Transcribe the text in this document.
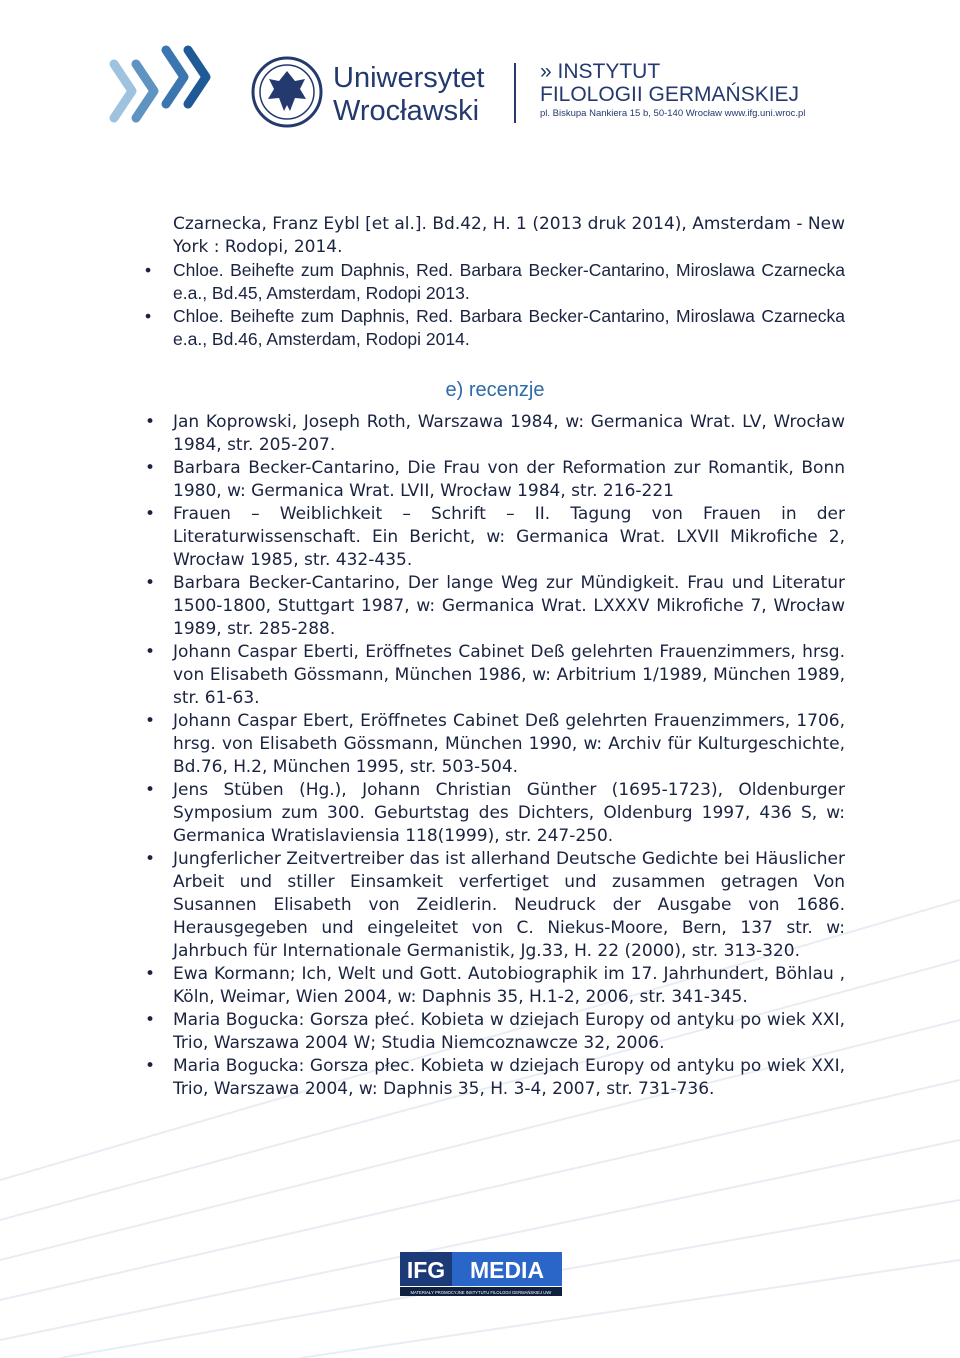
Uniwersytet
Wrocławski
» INSTYTUT
FILOLOGII GERMAŃSKIEJ
pl. Biskupa Nankiera 15 b, 50-140 Wrocław www.ifg.uni.wroc.pl
Czarnecka, Franz Eybl [et al.]. Bd.42, H. 1 (2013 druk 2014), Amsterdam - New York : Rodopi, 2014.
• Chloe. Beihefte zum Daphnis, Red. Barbara Becker-Cantarino, Miroslawa Czarnecka e.a., Bd.45, Amsterdam, Rodopi 2013.
• Chloe. Beihefte zum Daphnis, Red. Barbara Becker-Cantarino, Miroslawa Czarnecka e.a., Bd.46, Amsterdam, Rodopi 2014.
e) recenzje
• Jan Koprowski, Joseph Roth, Warszawa 1984, w: Germanica Wrat. LV, Wrocław 1984, str. 205-207.
• Barbara Becker-Cantarino, Die Frau von der Reformation zur Romantik, Bonn 1980, w: Germanica Wrat. LVII, Wrocław 1984, str. 216-221
• Frauen – Weiblichkeit – Schrift – II. Tagung von Frauen in der Literaturwissenschaft. Ein Bericht, w: Germanica Wrat. LXVII Mikrofiche 2, Wrocław 1985, str. 432-435.
• Barbara Becker-Cantarino, Der lange Weg zur Mündigkeit. Frau und Literatur 1500-1800, Stuttgart 1987, w: Germanica Wrat. LXXXV Mikrofiche 7, Wrocław 1989, str. 285-288.
• Johann Caspar Eberti, Eröffnetes Cabinet Deß gelehrten Frauenzimmers, hrsg. von Elisabeth Gössmann, München 1986, w: Arbitrium 1/1989, München 1989, str. 61-63.
• Johann Caspar Ebert, Eröffnetes Cabinet Deß gelehrten Frauenzimmers, 1706, hrsg. von Elisabeth Gössmann, München 1990, w: Archiv für Kulturgeschichte, Bd.76, H.2, München 1995, str. 503-504.
• Jens Stüben (Hg.), Johann Christian Günther (1695-1723), Oldenburger Symposium zum 300. Geburtstag des Dichters, Oldenburg 1997, 436 S, w: Germanica Wratislaviensia 118(1999), str. 247-250.
• Jungferlicher Zeitvertreiber das ist allerhand Deutsche Gedichte bei Häuslicher Arbeit und stiller Einsamkeit verfertiget und zusammen getragen Von Susannen Elisabeth von Zeidlerin. Neudruck der Ausgabe von 1686. Herausgegeben und eingeleitet von C. Niekus-Moore, Bern, 137 str. w: Jahrbuch für Internationale Germanistik, Jg.33, H. 22 (2000), str. 313-320.
• Ewa Kormann; Ich, Welt und Gott. Autobiographik im 17. Jahrhundert, Böhlau , Köln, Weimar, Wien 2004, w: Daphnis 35, H.1-2, 2006, str. 341-345.
• Maria Bogucka: Gorsza płeć. Kobieta w dziejach Europy od antyku po wiek XXI, Trio, Warszawa 2004 W; Studia Niemcoznawcze 32, 2006.
• Maria Bogucka: Gorsza płec. Kobieta w dziejach Europy od antyku po wiek XXI, Trio, Warszawa 2004, w: Daphnis 35, H. 3-4, 2007, str. 731-736.
IFG MEDIA
MATERIAŁY PROMOCYJNE INSTYTUTU FILOLOGII GERMAŃSKIEJ UWr
